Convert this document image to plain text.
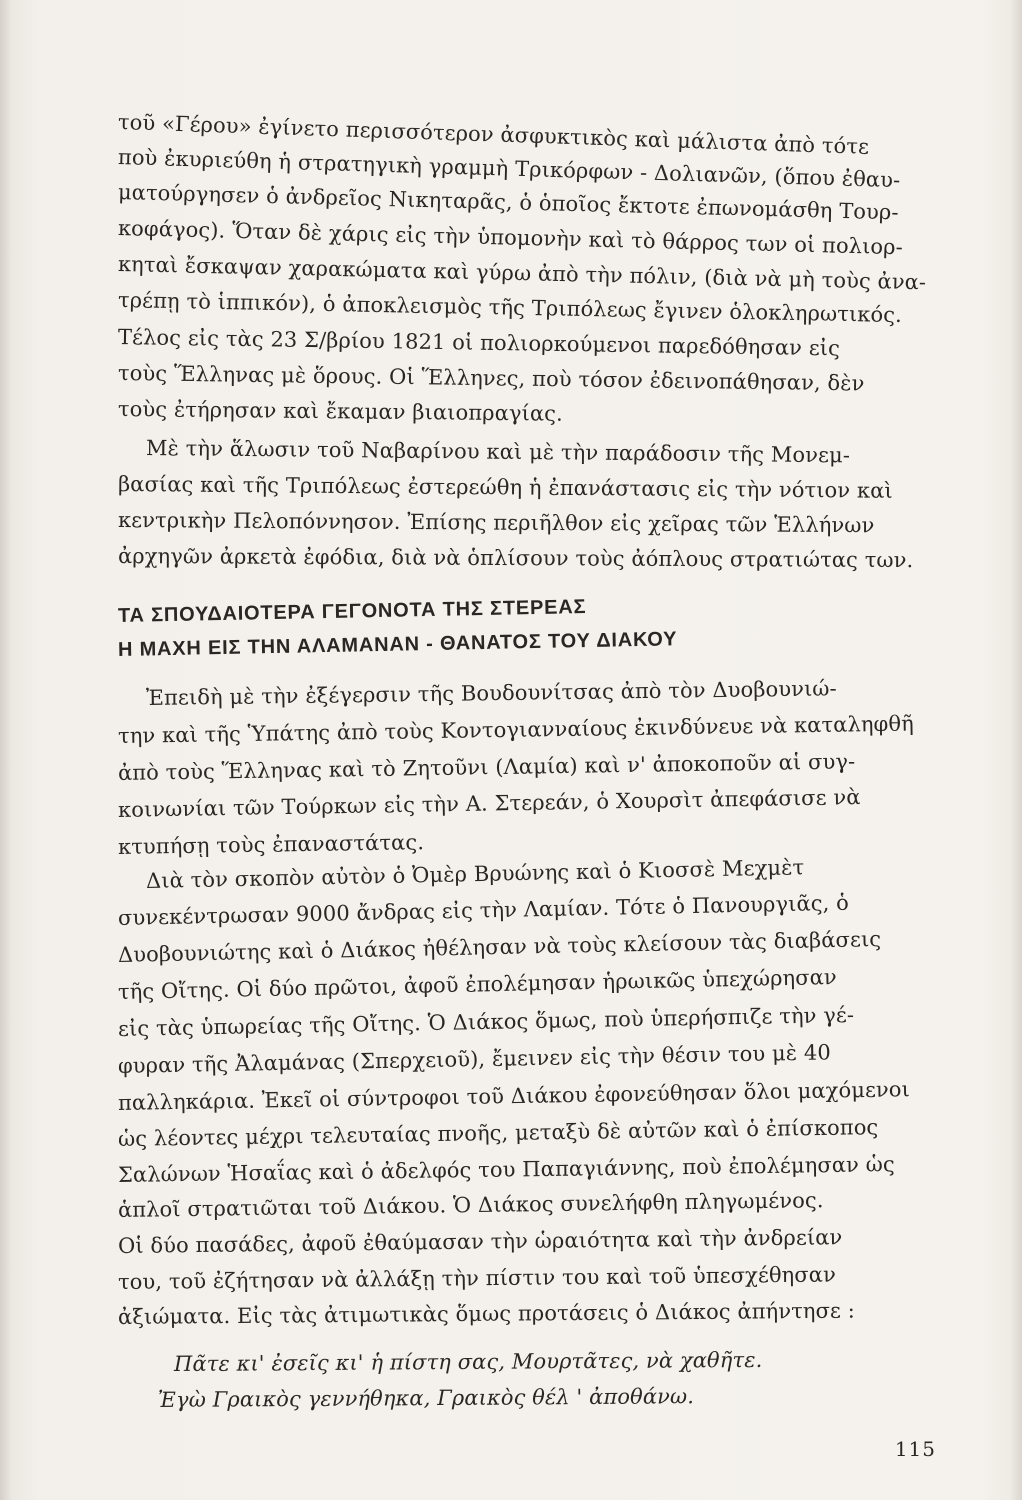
τοῦ «Γέρου» ἐγίνετο περισσότερον ἀσφυκτικὸς καὶ μάλιστα ἀπὸ τότε
ποὺ ἐκυριεύθη ἡ στρατηγικὴ γραμμὴ Τρικόρφων - Δολιανῶν, (ὅπου ἐθαυ-
ματούργησεν ὁ ἀνδρεῖος Νικηταρᾶς, ὁ ὁποῖος ἔκτοτε ἐπωνομάσθη Τουρ-
κοφάγος). Ὅταν δὲ χάρις εἰς τὴν ὑπομονὴν καὶ τὸ θάρρος των οἱ πολιορ-
κηταὶ ἔσκαψαν χαρακώματα καὶ γύρω ἀπὸ τὴν πόλιν, (διὰ νὰ μὴ τοὺς ἀνα-
τρέπῃ τὸ ἱππικόν), ὁ ἀποκλεισμὸς τῆς Τριπόλεως ἔγινεν ὁλοκληρωτικός.
Τέλος εἰς τὰς 23 Σ/βρίου 1821 οἱ πολιορκούμενοι παρεδόθησαν εἰς
τοὺς Ἕλληνας μὲ ὅρους. Οἱ Ἕλληνες, ποὺ τόσον ἐδεινοπάθησαν, δὲν
τοὺς ἐτήρησαν καὶ ἔκαμαν βιαιοπραγίας.
Μὲ τὴν ἅλωσιν τοῦ Ναβαρίνου καὶ μὲ τὴν παράδοσιν τῆς Μονεμ-
βασίας καὶ τῆς Τριπόλεως ἐστερεώθη ἡ ἐπανάστασις εἰς τὴν νότιον καὶ
κεντρικὴν Πελοπόννησον. Ἐπίσης περιῆλθον εἰς χεῖρας τῶν Ἑλλήνων
ἀρχηγῶν ἀρκετὰ ἐφόδια, διὰ νὰ ὁπλίσουν τοὺς ἀόπλους στρατιώτας των.
ΤΑ ΣΠΟΥΔΑΙΟΤΕΡΑ ΓΕΓΟΝΟΤΑ ΤΗΣ ΣΤΕΡΕΑΣ
Η ΜΑΧΗ ΕΙΣ ΤΗΝ ΑΛΑΜΑΝΑΝ - ΘΑΝΑΤΟΣ ΤΟΥ ΔΙΑΚΟΥ
Ἐπειδὴ μὲ τὴν ἐξέγερσιν τῆς Βουδουνίτσας ἀπὸ τὸν Δυοβουνιώ-
την καὶ τῆς Ὑπάτης ἀπὸ τοὺς Κοντογιανναίους ἐκινδύνευε νὰ καταληφθῆ
ἀπὸ τοὺς Ἕλληνας καὶ τὸ Ζητοῦνι (Λαμία) καὶ ν' ἀποκοποῦν αἱ συγ-
κοινωνίαι τῶν Τούρκων εἰς τὴν Α. Στερεάν, ὁ Χουρσὶτ ἀπεφάσισε νὰ
κτυπήσῃ τοὺς ἐπαναστάτας.
Διὰ τὸν σκοπὸν αὐτὸν ὁ Ὀμὲρ Βρυώνης καὶ ὁ Κιοσσὲ Μεχμὲτ
συνεκέντρωσαν 9000 ἄνδρας εἰς τὴν Λαμίαν. Τότε ὁ Πανουργιᾶς, ὁ
Δυοβουνιώτης καὶ ὁ Διάκος ἠθέλησαν νὰ τοὺς κλείσουν τὰς διαβάσεις
τῆς Οἴτης. Οἱ δύο πρῶτοι, ἀφοῦ ἐπολέμησαν ἡρωικῶς ὑπεχώρησαν
εἰς τὰς ὑπωρείας τῆς Οἴτης. Ὁ Διάκος ὅμως, ποὺ ὑπερήσπιζε τὴν γέ-
φυραν τῆς Ἀλαμάνας (Σπερχειοῦ), ἔμεινεν εἰς τὴν θέσιν του μὲ 40
παλληκάρια. Ἐκεῖ οἱ σύντροφοι τοῦ Διάκου ἐφονεύθησαν ὅλοι μαχόμενοι
ὡς λέοντες μέχρι τελευταίας πνοῆς, μεταξὺ δὲ αὐτῶν καὶ ὁ ἐπίσκοπος
Σαλώνων Ἡσαΐας καὶ ὁ ἀδελφός του Παπαγιάννης, ποὺ ἐπολέμησαν ὡς
ἁπλοῖ στρατιῶται τοῦ Διάκου. Ὁ Διάκος συνελήφθη πληγωμένος.
Οἱ δύο πασάδες, ἀφοῦ ἐθαύμασαν τὴν ὡραιότητα καὶ τὴν ἀνδρείαν
του, τοῦ ἐζήτησαν νὰ ἀλλάξῃ τὴν πίστιν του καὶ τοῦ ὑπεσχέθησαν
ἀξιώματα. Εἰς τὰς ἀτιμωτικὰς ὅμως προτάσεις ὁ Διάκος ἀπήντησε :
Πᾶτε κι' ἐσεῖς κι' ἡ πίστη σας, Μουρτᾶτες, νὰ χαθῆτε.
Ἐγὼ Γραικὸς γεννήθηκα, Γραικὸς θέλ ' ἀποθάνω.
115
